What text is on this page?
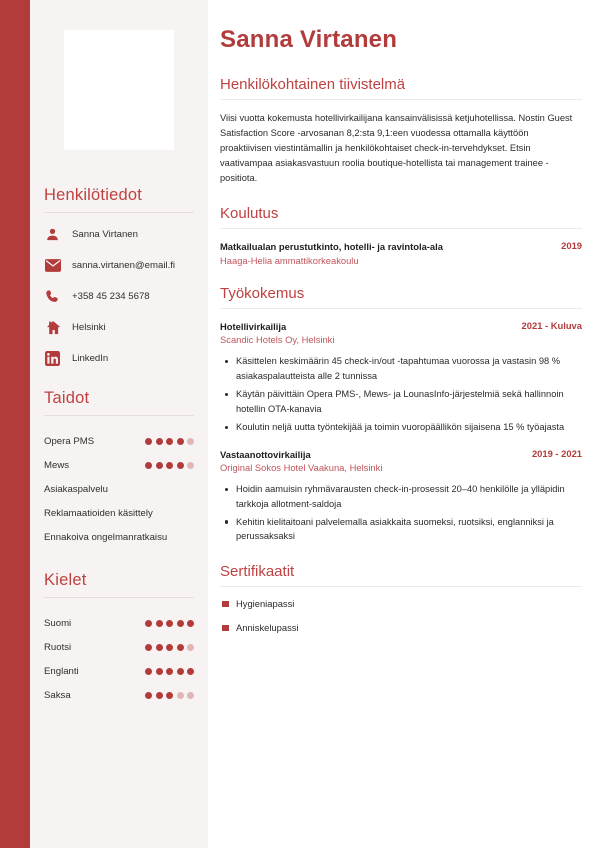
Henkilötiedot
Sanna Virtanen
sanna.virtanen@email.fi
+358 45 234 5678
Helsinki
LinkedIn
Taidot
Opera PMS
Mews
Asiakaspalvelu
Reklamaatioiden käsittely
Ennakoiva ongelmanratkaisu
Kielet
Suomi
Ruotsi
Englanti
Saksa
Sanna Virtanen
Henkilökohtainen tiivistelmä

Viisi vuotta kokemusta hotellivirkailijana kansainvälisissä ketjuhotellissa. Nostin Guest Satisfaction Score -arvosanan 8,2:sta 9,1:een vuodessa ottamalla käyttöön proaktiivisen viestintämallin ja henkilökohtaiset check-in-tervehdykset. Etsin vaativampaa asiakasvastuun roolia boutique-hotellista tai management trainee -positiota.

Koulutus
Matkailualan perustutkinto, hotelli- ja ravintola-ala	2019
Haaga-Helia ammattikorkeakoulu
Työkokemus
Hotellivirkailija	2021 - Kuluva
Scandic Hotels Oy, Helsinki
Käsittelen keskimäärin 45 check-in/out -tapahtumaa vuorossa ja vastasin 98 % asiakaspalautteista alle 2 tunnissa
Käytän päivittäin Opera PMS-, Mews- ja LounasInfo-järjestelmiä sekä hallinnoin hotellin OTA-kanavia
Koulutin neljä uutta työntekijää ja toimin vuoropäällikön sijaisena 15 % työajasta
Vastaanottovirkailija	2019 - 2021
Original Sokos Hotel Vaakuna, Helsinki
Hoidin aamuisin ryhmävarausten check-in-prosessit 20–40 henkilölle ja ylläpidin tarkkoja allotment-saldoja
Kehitin kielitaitoani palvelemalla asiakkaita suomeksi, ruotsiksi, englanniksi ja perussaksaksi
Sertifikaatit
Hygieniapassi
Anniskelupassi
